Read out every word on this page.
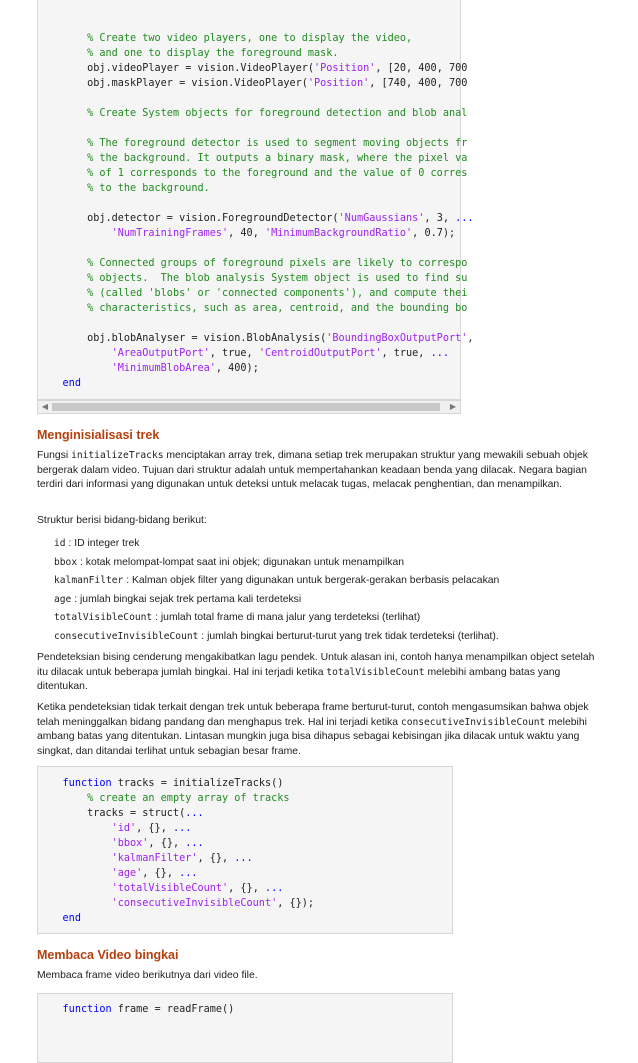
% Create two video players, one to display the video,
% and one to display the foreground mask.
obj.videoPlayer = vision.VideoPlayer('Position', [20, 400, 700
obj.maskPlayer = vision.VideoPlayer('Position', [740, 400, 700

% Create System objects for foreground detection and blob anal

% The foreground detector is used to segment moving objects fr
% the background. It outputs a binary mask, where the pixel va
% of 1 corresponds to the foreground and the value of 0 corres
% to the background.

obj.detector = vision.ForegroundDetector('NumGaussians', 3, ...
'NumTrainingFrames', 40, 'MinimumBackgroundRatio', 0.7);

% Connected groups of foreground pixels are likely to correspo
% objects.  The blob analysis System object is used to find su
% (called 'blobs' or 'connected components'), and compute thei
% characteristics, such as area, centroid, and the bounding bo

obj.blobAnalyser = vision.BlobAnalysis('BoundingBoxOutputPort',
'AreaOutputPort', true, 'CentroidOutputPort', true, ...
'MinimumBlobArea', 400);
end

◀	▶
Menginisialisasi trek

Fungsi initializeTracks menciptakan array trek, dimana setiap trek merupakan struktur yang mewakili sebuah objek bergerak dalam video. Tujuan dari struktur adalah untuk mempertahankan keadaan benda yang dilacak. Negara bagian terdiri dari informasi yang digunakan untuk deteksi untuk melacak tugas, melacak penghentian, dan menampilkan.

Struktur berisi bidang-bidang berikut:

id : ID integer trek
bbox : kotak melompat-lompat saat ini objek; digunakan untuk menampilkan
kalmanFilter : Kalman objek filter yang digunakan untuk bergerak-gerakan berbasis pelacakan
age : jumlah bingkai sejak trek pertama kali terdeteksi
totalVisibleCount : jumlah total frame di mana jalur yang terdeteksi (terlihat)
consecutiveInvisibleCount : jumlah bingkai berturut-turut yang trek tidak terdeteksi (terlihat).

Pendeteksian bising cenderung mengakibatkan lagu pendek. Untuk alasan ini, contoh hanya menampilkan object setelah itu dilacak untuk beberapa jumlah bingkai. Hal ini terjadi ketika totalVisibleCount melebihi ambang batas yang ditentukan.

Ketika pendeteksian tidak terkait dengan trek untuk beberapa frame berturut-turut, contoh mengasumsikan bahwa objek telah meninggalkan bidang pandang dan menghapus trek. Hal ini terjadi ketika consecutiveInvisibleCount melebihi ambang batas yang ditentukan. Lintasan mungkin juga bisa dihapus sebagai kebisingan jika dilacak untuk waktu yang singkat, dan ditandai terlihat untuk sebagian besar frame.

function tracks = initializeTracks()
% create an empty array of tracks
tracks = struct(...
'id', {}, ...
'bbox', {}, ...
'kalmanFilter', {}, ...
'age', {}, ...
'totalVisibleCount', {}, ...
'consecutiveInvisibleCount', {});
end

Membaca Video bingkai

Membaca frame video berikutnya dari video file.

function frame = readFrame()
